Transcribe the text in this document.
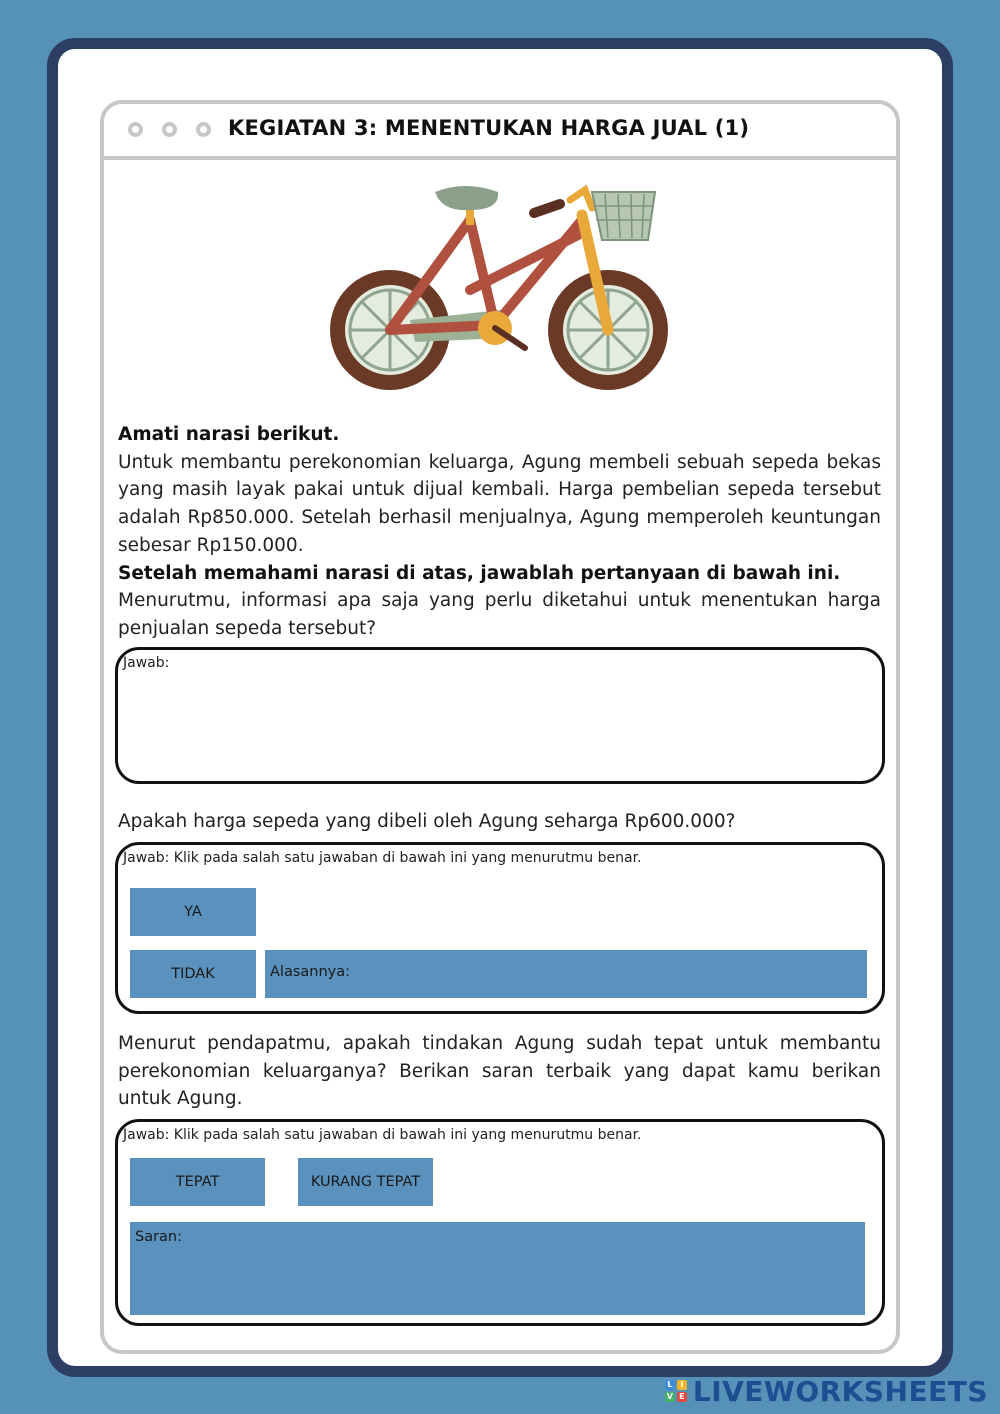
KEGIATAN 3: MENENTUKAN HARGA JUAL (1)

Amati narasi berikut.

Untuk membantu perekonomian keluarga, Agung membeli sebuah sepeda bekas yang masih layak pakai untuk dijual kembali. Harga pembelian sepeda tersebut adalah Rp850.000. Setelah berhasil menjualnya, Agung memperoleh keuntungan sebesar Rp150.000.

Setelah memahami narasi di atas, jawablah pertanyaan di bawah ini.

Menurutmu, informasi apa saja yang perlu diketahui untuk menentukan harga penjualan sepeda tersebut?

Jawab:
Apakah harga sepeda yang dibeli oleh Agung seharga Rp600.000?
Jawab: Klik pada salah satu jawaban di bawah ini yang menurutmu benar.
YA
TIDAK	Alasannya:
Menurut pendapatmu, apakah tindakan Agung sudah tepat untuk membantu perekonomian keluarganya? Berikan saran terbaik yang dapat kamu berikan untuk Agung.
Jawab: Klik pada salah satu jawaban di bawah ini yang menurutmu benar.
TEPAT	KURANG TEPAT
Saran:
L I
V E LIVEWORKSHEETS
